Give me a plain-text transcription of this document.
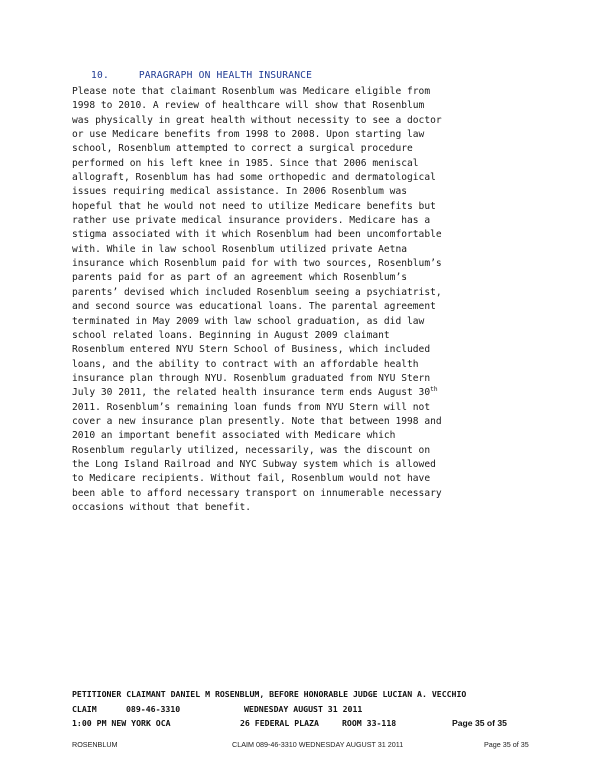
10.	PARAGRAPH ON HEALTH INSURANCE
Please note that claimant Rosenblum was Medicare eligible from
1998 to 2010. A review of healthcare will show that Rosenblum
was physically in great health without necessity to see a doctor
or use Medicare benefits from 1998 to 2008. Upon starting law
school, Rosenblum attempted to correct a surgical procedure
performed on his left knee in 1985. Since that 2006 meniscal
allograft, Rosenblum has had some orthopedic and dermatological
issues requiring medical assistance. In 2006 Rosenblum was
hopeful that he would not need to utilize Medicare benefits but
rather use private medical insurance providers. Medicare has a
stigma associated with it which Rosenblum had been uncomfortable
with. While in law school Rosenblum utilized private Aetna
insurance which Rosenblum paid for with two sources, Rosenblum’s
parents paid for as part of an agreement which Rosenblum’s
parents’ devised which included Rosenblum seeing a psychiatrist,
and second source was educational loans. The parental agreement
terminated in May 2009 with law school graduation, as did law
school related loans. Beginning in August 2009 claimant
Rosenblum entered NYU Stern School of Business, which included
loans, and the ability to contract with an affordable health
insurance plan through NYU. Rosenblum graduated from NYU Stern
July 30 2011, the related health insurance term ends August 30th
2011. Rosenblum’s remaining loan funds from NYU Stern will not
cover a new insurance plan presently. Note that between 1998 and
2010 an important benefit associated with Medicare which
Rosenblum regularly utilized, necessarily, was the discount on
the Long Island Railroad and NYC Subway system which is allowed
to Medicare recipients. Without fail, Rosenblum would not have
been able to afford necessary transport on innumerable necessary
occasions without that benefit.

PETITIONER CLAIMANT DANIEL M ROSENBLUM, BEFORE HONORABLE JUDGE LUCIAN A. VECCHIO

CLAIM

	089-46-3310

	WEDNESDAY AUGUST 31 2011

1:00 PM NEW YORK OCA

	26 FEDERAL PLAZA

	ROOM 33-118

	Page 35 of 35

ROSENBLUM	CLAIM 089-46-3310 WEDNESDAY AUGUST 31 2011	Page 35 of 35
